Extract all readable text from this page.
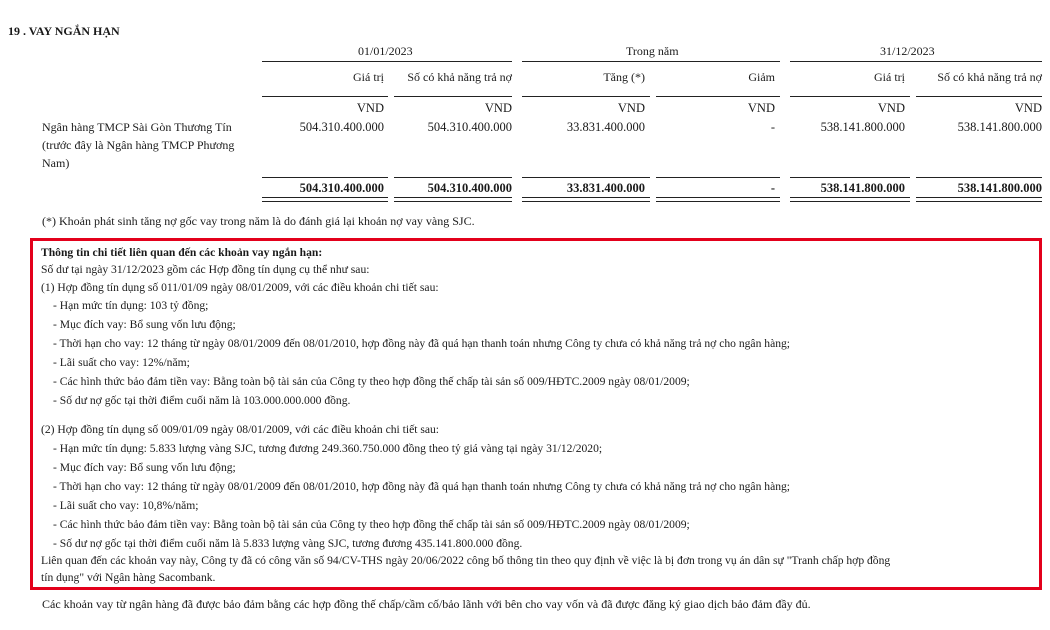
19 . VAY NGẮN HẠN
01/01/2023	Trong năm	31/12/2023
Giá trị Số có khả năng trả nợ	Tăng (*)	Giảm	Giá trị	Số có khả năng trả nợ
VND	VND	VND	VND	VND	VND
Ngân hàng TMCP Sài Gòn Thương Tín
(trước đây là Ngân hàng TMCP Phương
Nam)
504.310.400.000	504.310.400.000	33.831.400.000	-	538.141.800.000	538.141.800.000
504.310.400.000	504.310.400.000	33.831.400.000	-	538.141.800.000	538.141.800.000
(*) Khoản phát sinh tăng nợ gốc vay trong năm là do đánh giá lại khoản nợ vay vàng SJC.
Thông tin chi tiết liên quan đến các khoản vay ngắn hạn:
Số dư tại ngày 31/12/2023 gồm các Hợp đồng tín dụng cụ thể như sau:
(1) Hợp đồng tín dụng số 011/01/09 ngày 08/01/2009, với các điều khoản chi tiết sau:
- Hạn mức tín dụng: 103 tỷ đồng;
- Mục đích vay: Bổ sung vốn lưu động;
- Thời hạn cho vay: 12 tháng từ ngày 08/01/2009 đến 08/01/2010, hợp đồng này đã quá hạn thanh toán nhưng Công ty chưa có khả năng trả nợ cho ngân hàng;
- Lãi suất cho vay: 12%/năm;
- Các hình thức bảo đảm tiền vay: Bằng toàn bộ tài sản của Công ty theo hợp đồng thế chấp tài sản số 009/HĐTC.2009 ngày 08/01/2009;
- Số dư nợ gốc tại thời điểm cuối năm là 103.000.000.000 đồng.
(2) Hợp đồng tín dụng số 009/01/09 ngày 08/01/2009, với các điều khoản chi tiết sau:
- Hạn mức tín dụng: 5.833 lượng vàng SJC, tương đương 249.360.750.000 đồng theo tỷ giá vàng tại ngày 31/12/2020;
- Mục đích vay: Bổ sung vốn lưu động;
- Thời hạn cho vay: 12 tháng từ ngày 08/01/2009 đến 08/01/2010, hợp đồng này đã quá hạn thanh toán nhưng Công ty chưa có khả năng trả nợ cho ngân hàng;
- Lãi suất cho vay: 10,8%/năm;
- Các hình thức bảo đảm tiền vay: Bằng toàn bộ tài sản của Công ty theo hợp đồng thế chấp tài sản số 009/HĐTC.2009 ngày 08/01/2009;
- Số dư nợ gốc tại thời điểm cuối năm là 5.833 lượng vàng SJC, tương đương 435.141.800.000 đồng.
Liên quan đến các khoản vay này, Công ty đã có công văn số 94/CV-THS ngày 20/06/2022 công bố thông tin theo quy định về việc là bị đơn trong vụ án dân sự "Tranh chấp hợp đồng
tín dụng" với Ngân hàng Sacombank.
Các khoản vay từ ngân hàng đã được bảo đảm bằng các hợp đồng thế chấp/cầm cố/bảo lãnh với bên cho vay vốn và đã được đăng ký giao dịch bảo đảm đầy đủ.
